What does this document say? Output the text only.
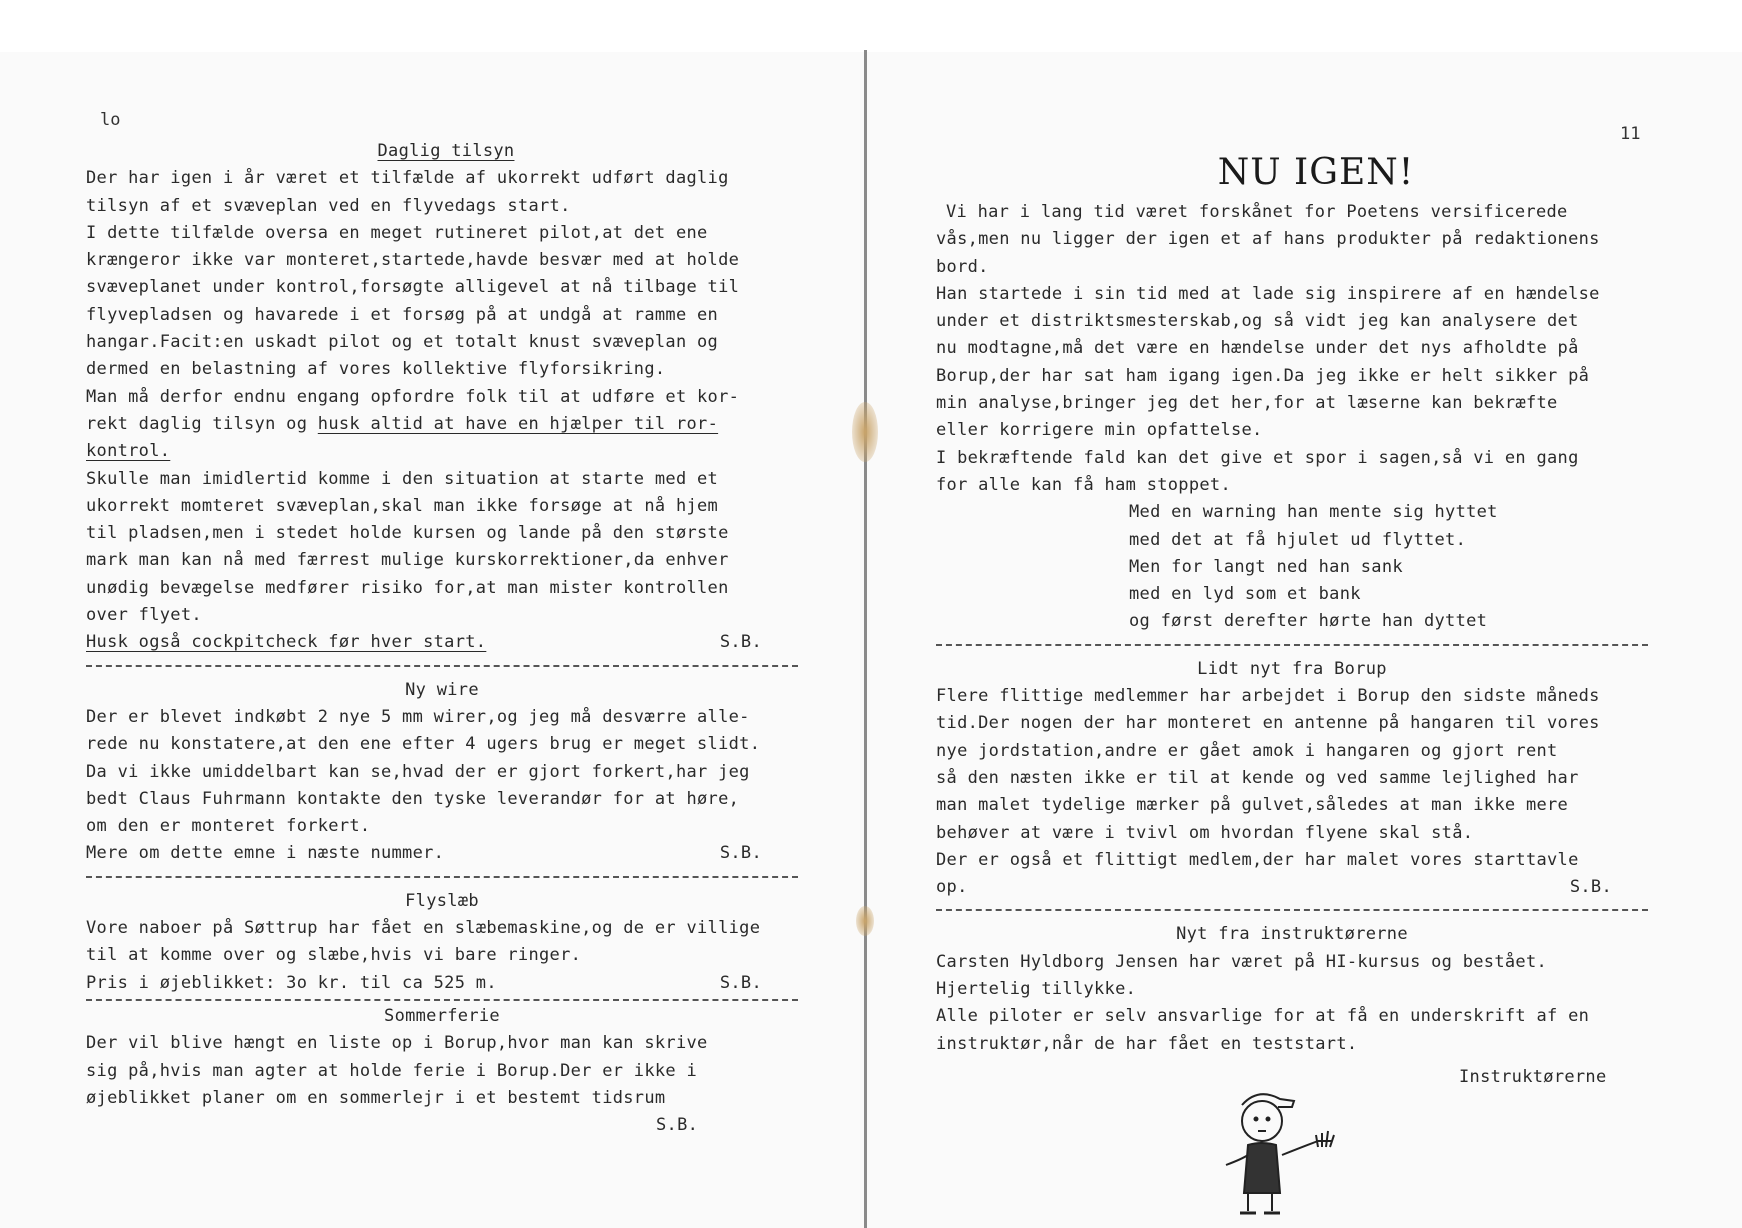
lo
11
Daglig tilsyn
Der har igen i år været et tilfælde af ukorrekt udført daglig
tilsyn af et svæveplan ved en flyvedags start.
I dette tilfælde oversa en meget rutineret pilot,at det ene
krængeror ikke var monteret,startede,havde besvær med at holde
svæveplanet under kontrol,forsøgte alligevel at nå tilbage til
flyvepladsen og havarede i et forsøg på at undgå at ramme en
hangar.Facit:en uskadt pilot og et totalt knust svæveplan og
dermed en belastning af vores kollektive flyforsikring.
Man må derfor endnu engang opfordre folk til at udføre et kor-
rekt daglig tilsyn og husk altid at have en hjælper til ror-
kontrol.
Skulle man imidlertid komme i den situation at starte med et
ukorrekt momteret svæveplan,skal man ikke forsøge at nå hjem
til pladsen,men i stedet holde kursen og lande på den største
mark man kan nå med færrest mulige kurskorrektioner,da enhver
unødig bevægelse medfører risiko for,at man mister kontrollen
over flyet.
Husk også cockpitcheck før hver start.	S.B.
Ny wire
Der er blevet indkøbt 2 nye 5 mm wirer,og jeg må desværre alle-
rede nu konstatere,at den ene efter 4 ugers brug er meget slidt.
Da vi ikke umiddelbart kan se,hvad der er gjort forkert,har jeg
bedt Claus Fuhrmann kontakte den tyske leverandør for at høre,
om den er monteret forkert.
Mere om dette emne i næste nummer.	S.B.
Flyslæb
Vore naboer på Søttrup har fået en slæbemaskine,og de er villige
til at komme over og slæbe,hvis vi bare ringer.
Pris i øjeblikket: 3o kr. til ca 525 m.	S.B.
Sommerferie
Der vil blive hængt en liste op i Borup,hvor man kan skrive
sig på,hvis man agter at holde ferie i Borup.Der er ikke i
øjeblikket planer om en sommerlejr i et bestemt tidsrum
S.B.
NU IGEN!
Vi har i lang tid været forskånet for Poetens versificerede
vås,men nu ligger der igen et af hans produkter på redaktionens
bord.
Han startede i sin tid med at lade sig inspirere af en hændelse
under et distriktsmesterskab,og så vidt jeg kan analysere det
nu modtagne,må det være en hændelse under det nys afholdte på
Borup,der har sat ham igang igen.Da jeg ikke er helt sikker på
min analyse,bringer jeg det her,for at læserne kan bekræfte
eller korrigere min opfattelse.
I bekræftende fald kan det give et spor i sagen,så vi en gang
for alle kan få ham stoppet.
Med en warning han mente sig hyttet
med det at få hjulet ud flyttet.
Men for langt ned han sank
med en lyd som et bank
og først derefter hørte han dyttet
Lidt nyt fra Borup
Flere flittige medlemmer har arbejdet i Borup den sidste måneds
tid.Der nogen der har monteret en antenne på hangaren til vores
nye jordstation,andre er gået amok i hangaren og gjort rent
så den næsten ikke er til at kende og ved samme lejlighed har
man malet tydelige mærker på gulvet,således at man ikke mere
behøver at være i tvivl om hvordan flyene skal stå.
Der er også et flittigt medlem,der har malet vores starttavle
op.	S.B.
Nyt fra instruktørerne
Carsten Hyldborg Jensen har været på HI-kursus og bestået.
Hjertelig tillykke.
Alle piloter er selv ansvarlige for at få en underskrift af en
instruktør,når de har fået en teststart.
Instruktørerne
